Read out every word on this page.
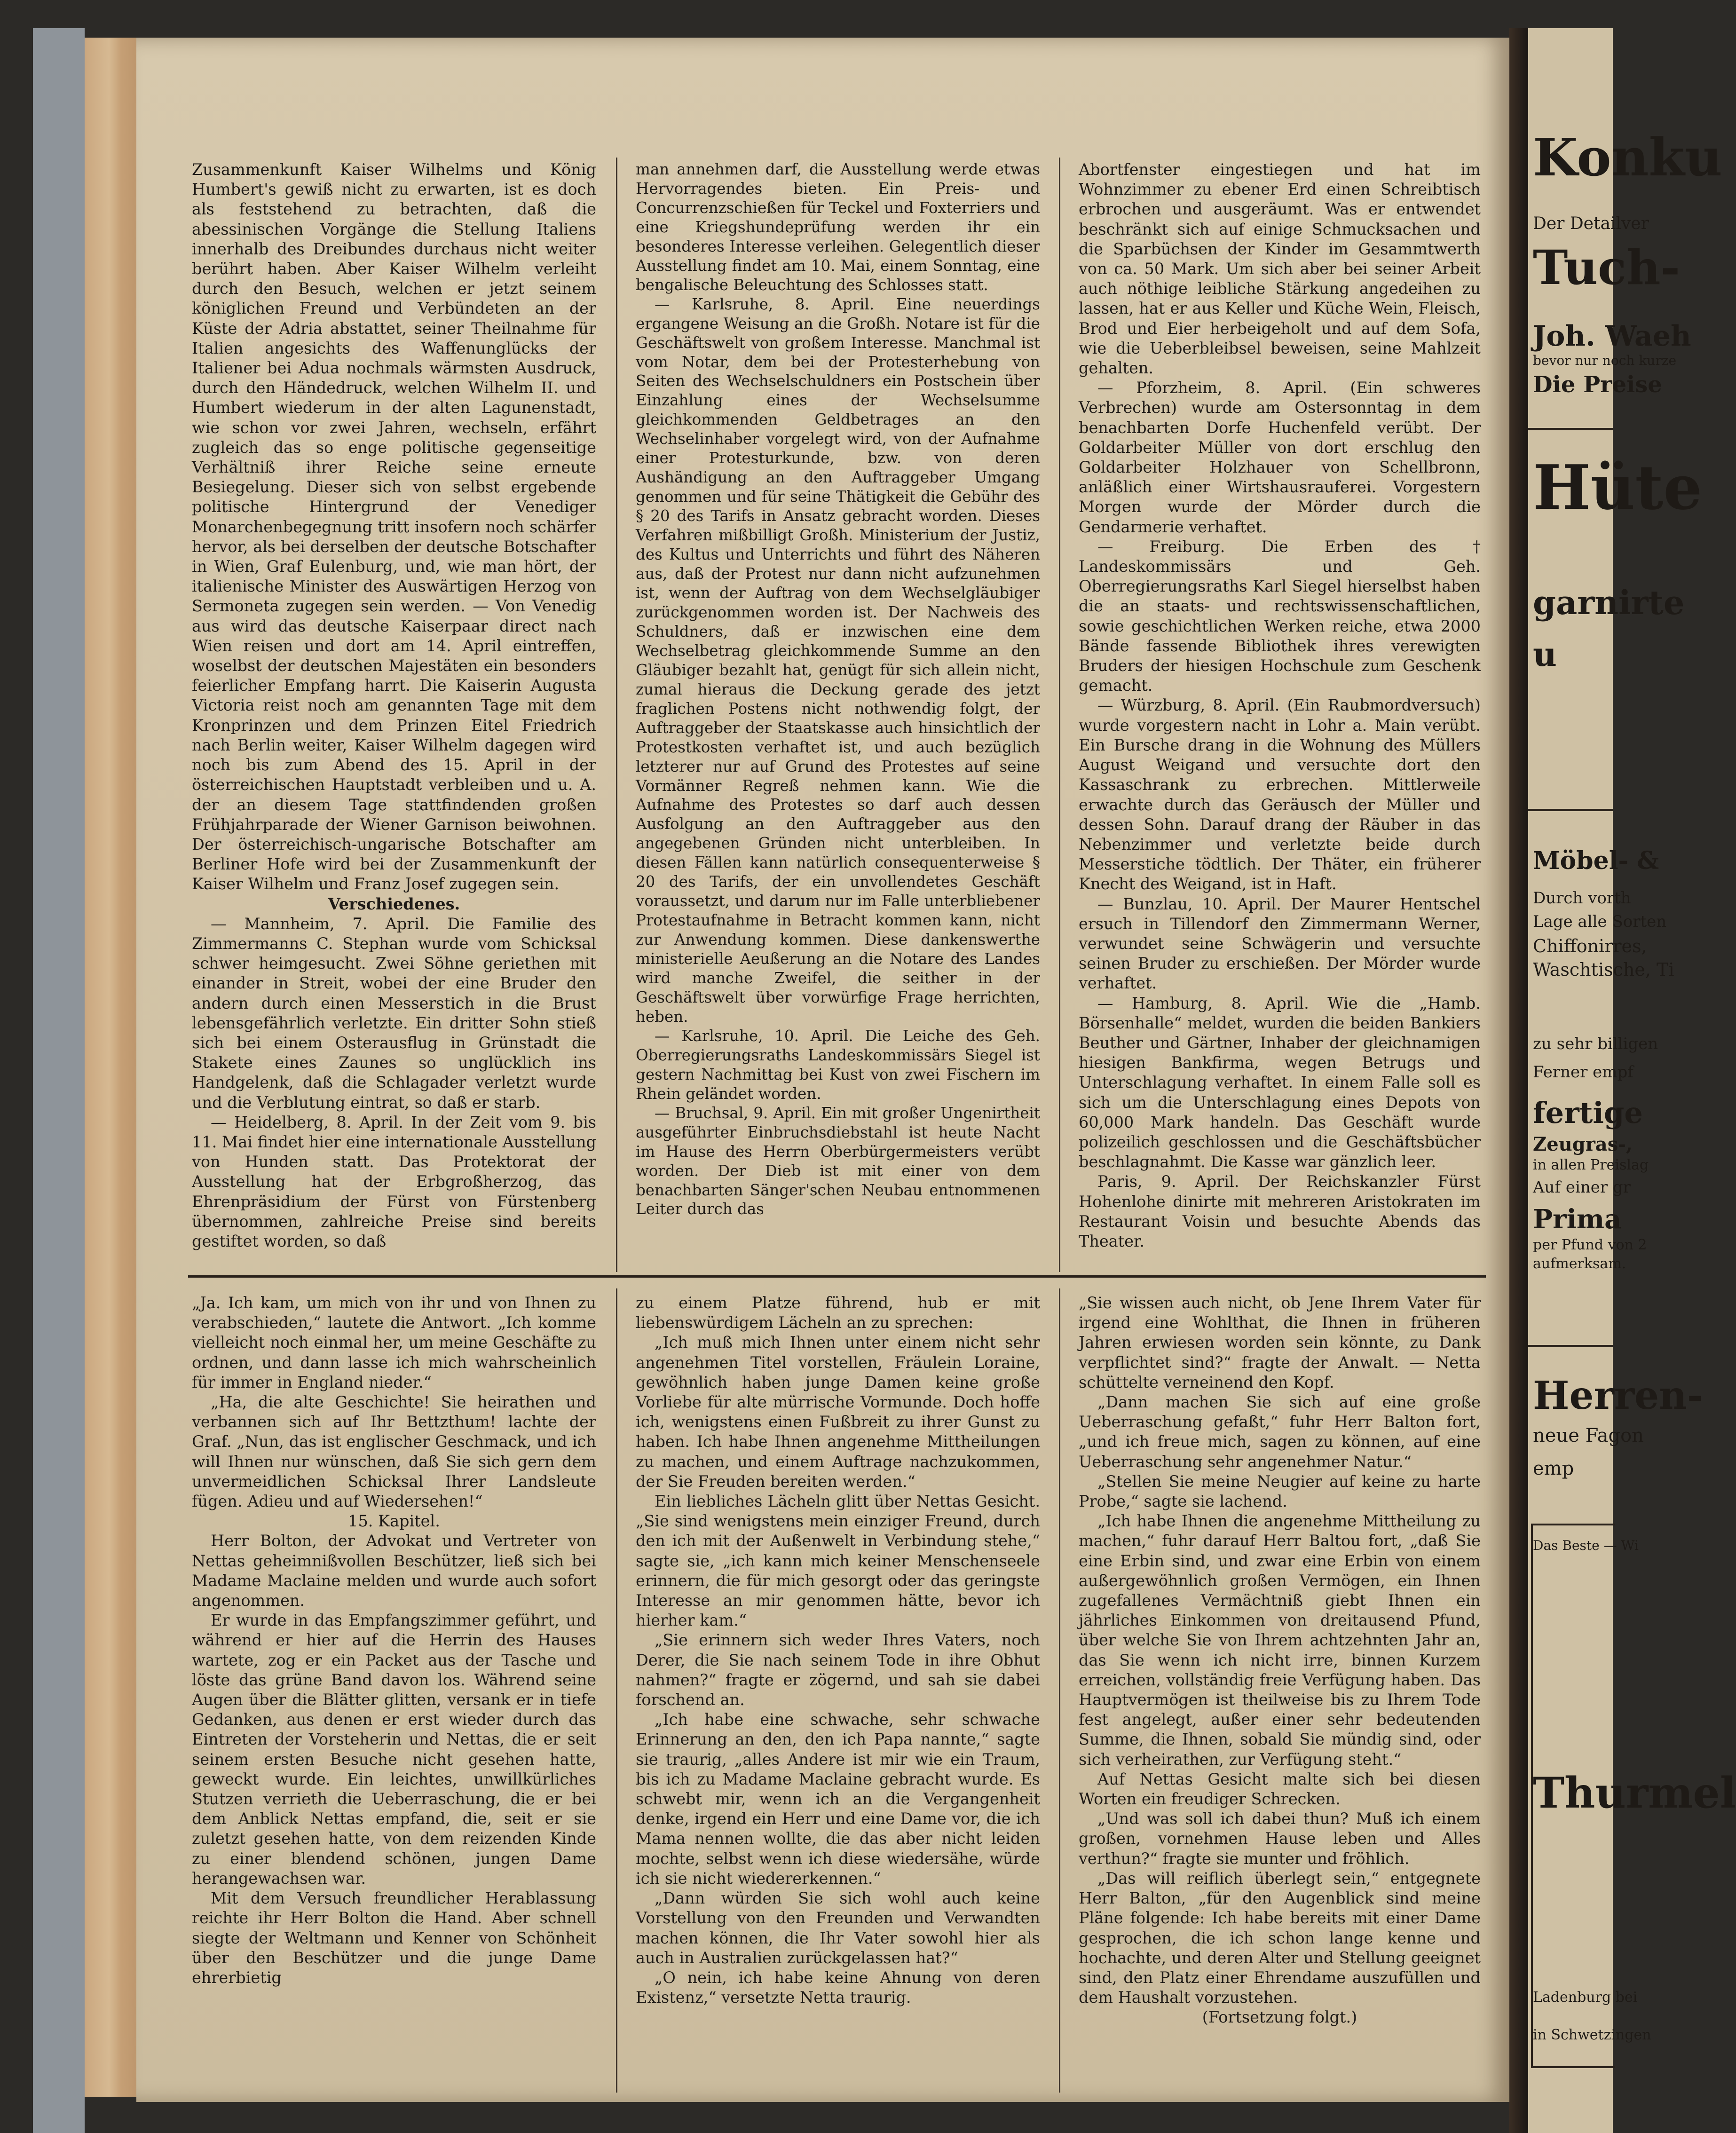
Zusammenkunft Kaiser Wilhelms und König Humbert's gewiß nicht zu erwarten, ist es doch als feststehend zu betrachten, daß die abessinischen Vorgänge die Stellung Italiens innerhalb des Dreibundes durchaus nicht weiter berührt haben. Aber Kaiser Wilhelm verleiht durch den Besuch, welchen er jetzt seinem königlichen Freund und Verbündeten an der Küste der Adria abstattet, seiner Theilnahme für Italien angesichts des Waffenunglücks der Italiener bei Adua nochmals wärmsten Ausdruck, durch den Händedruck, welchen Wilhelm II. und Humbert wiederum in der alten Lagunenstadt, wie schon vor zwei Jahren, wechseln, erfährt zugleich das so enge politische gegenseitige Verhältniß ihrer Reiche seine erneute Besiegelung. Dieser sich von selbst ergebende politische Hintergrund der Venediger Monarchenbegegnung tritt insofern noch schärfer hervor, als bei derselben der deutsche Botschafter in Wien, Graf Eulenburg, und, wie man hört, der italienische Minister des Auswärtigen Herzog von Sermoneta zugegen sein werden. — Von Venedig aus wird das deutsche Kaiserpaar direct nach Wien reisen und dort am 14. April eintreffen, woselbst der deutschen Majestäten ein besonders feierlicher Empfang harrt. Die Kaiserin Augusta Victoria reist noch am genannten Tage mit dem Kronprinzen und dem Prinzen Eitel Friedrich nach Berlin weiter, Kaiser Wilhelm dagegen wird noch bis zum Abend des 15. April in der österreichischen Hauptstadt verbleiben und u. A. der an diesem Tage stattfindenden großen Frühjahrparade der Wiener Garnison beiwohnen. Der österreichisch-ungarische Botschafter am Berliner Hofe wird bei der Zusammenkunft der Kaiser Wilhelm und Franz Josef zugegen sein.

Verschiedenes.

— Mannheim, 7. April. Die Familie des Zimmermanns C. Stephan wurde vom Schicksal schwer heimgesucht. Zwei Söhne geriethen mit einander in Streit, wobei der eine Bruder den andern durch einen Messerstich in die Brust lebensgefährlich verletzte. Ein dritter Sohn stieß sich bei einem Osterausflug in Grünstadt die Stakete eines Zaunes so unglücklich ins Handgelenk, daß die Schlagader verletzt wurde und die Verblutung eintrat, so daß er starb.

— Heidelberg, 8. April. In der Zeit vom 9. bis 11. Mai findet hier eine internationale Ausstellung von Hunden statt. Das Protektorat der Ausstellung hat der Erbgroßherzog, das Ehrenpräsidium der Fürst von Fürstenberg übernommen, zahlreiche Preise sind bereits gestiftet worden, so daß

man annehmen darf, die Ausstellung werde etwas Hervorragendes bieten. Ein Preis- und Concurrenzschießen für Teckel und Foxterriers und eine Kriegshundeprüfung werden ihr ein besonderes Interesse verleihen. Gelegentlich dieser Ausstellung findet am 10. Mai, einem Sonntag, eine bengalische Beleuchtung des Schlosses statt.

— Karlsruhe, 8. April. Eine neuerdings ergangene Weisung an die Großh. Notare ist für die Geschäftswelt von großem Interesse. Manchmal ist vom Notar, dem bei der Protesterhebung von Seiten des Wechselschuldners ein Postschein über Einzahlung eines der Wechselsumme gleichkommenden Geldbetrages an den Wechselinhaber vorgelegt wird, von der Aufnahme einer Protesturkunde, bzw. von deren Aushändigung an den Auftraggeber Umgang genommen und für seine Thätigkeit die Gebühr des § 20 des Tarifs in Ansatz gebracht worden. Dieses Verfahren mißbilligt Großh. Ministerium der Justiz, des Kultus und Unterrichts und führt des Näheren aus, daß der Protest nur dann nicht aufzunehmen ist, wenn der Auftrag von dem Wechselgläubiger zurückgenommen worden ist. Der Nachweis des Schuldners, daß er inzwischen eine dem Wechselbetrag gleichkommende Summe an den Gläubiger bezahlt hat, genügt für sich allein nicht, zumal hieraus die Deckung gerade des jetzt fraglichen Postens nicht nothwendig folgt, der Auftraggeber der Staatskasse auch hinsichtlich der Protestkosten verhaftet ist, und auch bezüglich letzterer nur auf Grund des Protestes auf seine Vormänner Regreß nehmen kann. Wie die Aufnahme des Protestes so darf auch dessen Ausfolgung an den Auftraggeber aus den angegebenen Gründen nicht unterbleiben. In diesen Fällen kann natürlich consequenterweise § 20 des Tarifs, der ein unvollendetes Geschäft voraussetzt, und darum nur im Falle unterbliebener Protestaufnahme in Betracht kommen kann, nicht zur Anwendung kommen. Diese dankenswerthe ministerielle Aeußerung an die Notare des Landes wird manche Zweifel, die seither in der Geschäftswelt über vorwürfige Frage herrichten, heben.

— Karlsruhe, 10. April. Die Leiche des Geh. Oberregierungsraths Landeskommissärs Siegel ist gestern Nachmittag bei Kust von zwei Fischern im Rhein geländet worden.

— Bruchsal, 9. April. Ein mit großer Ungenirtheit ausgeführter Einbruchsdiebstahl ist heute Nacht im Hause des Herrn Oberbürgermeisters verübt worden. Der Dieb ist mit einer von dem benachbarten Sänger'schen Neubau entnommenen Leiter durch das

Abortfenster eingestiegen und hat im Wohnzimmer zu ebener Erd einen Schreibtisch erbrochen und ausgeräumt. Was er entwendet beschränkt sich auf einige Schmucksachen und die Sparbüchsen der Kinder im Gesammtwerth von ca. 50 Mark. Um sich aber bei seiner Arbeit auch nöthige leibliche Stärkung angedeihen zu lassen, hat er aus Keller und Küche Wein, Fleisch, Brod und Eier herbeigeholt und auf dem Sofa, wie die Ueberbleibsel beweisen, seine Mahlzeit gehalten.

— Pforzheim, 8. April. (Ein schweres Verbrechen) wurde am Ostersonntag in dem benachbarten Dorfe Huchenfeld verübt. Der Goldarbeiter Müller von dort erschlug den Goldarbeiter Holzhauer von Schellbronn, anläßlich einer Wirtshausrauferei. Vorgestern Morgen wurde der Mörder durch die Gendarmerie verhaftet.

— Freiburg. Die Erben des † Landeskommissärs und Geh. Oberregierungsraths Karl Siegel hierselbst haben die an staats- und rechtswissenschaftlichen, sowie geschichtlichen Werken reiche, etwa 2000 Bände fassende Bibliothek ihres verewigten Bruders der hiesigen Hochschule zum Geschenk gemacht.

— Würzburg, 8. April. (Ein Raubmordversuch) wurde vorgestern nacht in Lohr a. Main verübt. Ein Bursche drang in die Wohnung des Müllers August Weigand und versuchte dort den Kassaschrank zu erbrechen. Mittlerweile erwachte durch das Geräusch der Müller und dessen Sohn. Darauf drang der Räuber in das Nebenzimmer und verletzte beide durch Messerstiche tödtlich. Der Thäter, ein früherer Knecht des Weigand, ist in Haft.

— Bunzlau, 10. April. Der Maurer Hentschel ersuch in Tillendorf den Zimmermann Werner, verwundet seine Schwägerin und versuchte seinen Bruder zu erschießen. Der Mörder wurde verhaftet.

— Hamburg, 8. April. Wie die „Hamb. Börsenhalle“ meldet, wurden die beiden Bankiers Beuther und Gärtner, Inhaber der gleichnamigen hiesigen Bankfirma, wegen Betrugs und Unterschlagung verhaftet. In einem Falle soll es sich um die Unterschlagung eines Depots von 60,000 Mark handeln. Das Geschäft wurde polizeilich geschlossen und die Geschäftsbücher beschlagnahmt. Die Kasse war gänzlich leer.

Paris, 9. April. Der Reichskanzler Fürst Hohenlohe dinirte mit mehreren Aristokraten im Restaurant Voisin und besuchte Abends das Theater.

„Ja. Ich kam, um mich von ihr und von Ihnen zu verabschieden,“ lautete die Antwort. „Ich komme vielleicht noch einmal her, um meine Geschäfte zu ordnen, und dann lasse ich mich wahrscheinlich für immer in England nieder.“

„Ha, die alte Geschichte! Sie heirathen und verbannen sich auf Ihr Bettzthum! lachte der Graf. „Nun, das ist englischer Geschmack, und ich will Ihnen nur wünschen, daß Sie sich gern dem unvermeidlichen Schicksal Ihrer Landsleute fügen. Adieu und auf Wiedersehen!“

15. Kapitel.

Herr Bolton, der Advokat und Vertreter von Nettas geheimnißvollen Beschützer, ließ sich bei Madame Maclaine melden und wurde auch sofort angenommen.

Er wurde in das Empfangszimmer geführt, und während er hier auf die Herrin des Hauses wartete, zog er ein Packet aus der Tasche und löste das grüne Band davon los. Während seine Augen über die Blätter glitten, versank er in tiefe Gedanken, aus denen er erst wieder durch das Eintreten der Vorsteherin und Nettas, die er seit seinem ersten Besuche nicht gesehen hatte, geweckt wurde. Ein leichtes, unwillkürliches Stutzen verrieth die Ueberraschung, die er bei dem Anblick Nettas empfand, die, seit er sie zuletzt gesehen hatte, von dem reizenden Kinde zu einer blendend schönen, jungen Dame herangewachsen war.

Mit dem Versuch freundlicher Herablassung reichte ihr Herr Bolton die Hand. Aber schnell siegte der Weltmann und Kenner von Schönheit über den Beschützer und die junge Dame ehrerbietig

zu einem Platze führend, hub er mit liebenswürdigem Lächeln an zu sprechen:

„Ich muß mich Ihnen unter einem nicht sehr angenehmen Titel vorstellen, Fräulein Loraine, gewöhnlich haben junge Damen keine große Vorliebe für alte mürrische Vormunde. Doch hoffe ich, wenigstens einen Fußbreit zu ihrer Gunst zu haben. Ich habe Ihnen angenehme Mittheilungen zu machen, und einem Auftrage nachzukommen, der Sie Freuden bereiten werden.“

Ein liebliches Lächeln glitt über Nettas Gesicht. „Sie sind wenigstens mein einziger Freund, durch den ich mit der Außenwelt in Verbindung stehe,“ sagte sie, „ich kann mich keiner Menschenseele erinnern, die für mich gesorgt oder das geringste Interesse an mir genommen hätte, bevor ich hierher kam.“

„Sie erinnern sich weder Ihres Vaters, noch Derer, die Sie nach seinem Tode in ihre Obhut nahmen?“ fragte er zögernd, und sah sie dabei forschend an.

„Ich habe eine schwache, sehr schwache Erinnerung an den, den ich Papa nannte,“ sagte sie traurig, „alles Andere ist mir wie ein Traum, bis ich zu Madame Maclaine gebracht wurde. Es schwebt mir, wenn ich an die Vergangenheit denke, irgend ein Herr und eine Dame vor, die ich Mama nennen wollte, die das aber nicht leiden mochte, selbst wenn ich diese wiedersähe, würde ich sie nicht wiedererkennen.“

„Dann würden Sie sich wohl auch keine Vorstellung von den Freunden und Verwandten machen können, die Ihr Vater sowohl hier als auch in Australien zurückgelassen hat?“

„O nein, ich habe keine Ahnung von deren Existenz,“ versetzte Netta traurig.

„Sie wissen auch nicht, ob Jene Ihrem Vater für irgend eine Wohlthat, die Ihnen in früheren Jahren erwiesen worden sein könnte, zu Dank verpflichtet sind?“ fragte der Anwalt. — Netta schüttelte verneinend den Kopf.

„Dann machen Sie sich auf eine große Ueberraschung gefaßt,“ fuhr Herr Balton fort, „und ich freue mich, sagen zu können, auf eine Ueberraschung sehr angenehmer Natur.“

„Stellen Sie meine Neugier auf keine zu harte Probe,“ sagte sie lachend.

„Ich habe Ihnen die angenehme Mittheilung zu machen,“ fuhr darauf Herr Baltou fort, „daß Sie eine Erbin sind, und zwar eine Erbin von einem außergewöhnlich großen Vermögen, ein Ihnen zugefallenes Vermächtniß giebt Ihnen ein jährliches Einkommen von dreitausend Pfund, über welche Sie von Ihrem achtzehnten Jahr an, das Sie wenn ich nicht irre, binnen Kurzem erreichen, vollständig freie Verfügung haben. Das Hauptvermögen ist theilweise bis zu Ihrem Tode fest angelegt, außer einer sehr bedeutenden Summe, die Ihnen, sobald Sie mündig sind, oder sich verheirathen, zur Verfügung steht.“

Auf Nettas Gesicht malte sich bei diesen Worten ein freudiger Schrecken.

„Und was soll ich dabei thun? Muß ich einem großen, vornehmen Hause leben und Alles verthun?“ fragte sie munter und fröhlich.

„Das will reiflich überlegt sein,“ entgegnete Herr Balton, „für den Augenblick sind meine Pläne folgende: Ich habe bereits mit einer Dame gesprochen, die ich schon lange kenne und hochachte, und deren Alter und Stellung geeignet sind, den Platz einer Ehrendame auszufüllen und dem Haushalt vorzustehen.

(Fortsetzung folgt.)

Konku
Der Detailver
Tuch-
Joh. Waeh
bevor nur noch kurze
Die Preise
Hüte
garnirte
u
Möbel- &
Durch vorth
Lage alle Sorten
Chiffonirres,
Waschtische, Ti
zu sehr billigen
Ferner empf
fertige
Zeugras-,
in allen Preislag
Auf einer gr
Prima
per Pfund von 2
aufmerksam.
Herren-
neue Fagon
emp
Das Beste — Wi
Thurmel
Ladenburg bei
in Schwetzingen
